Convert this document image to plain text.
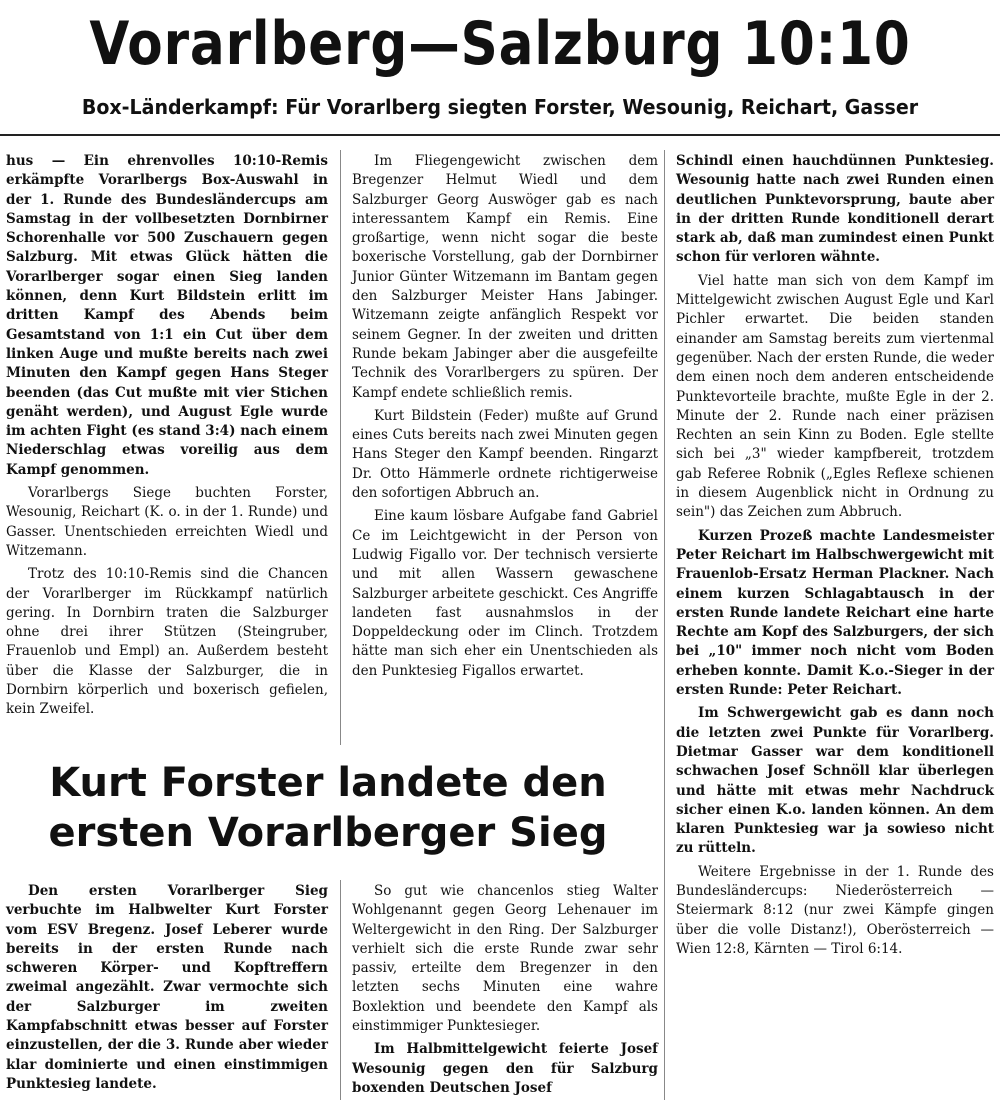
Vorarlberg—Salzburg 10:10
Box-Länderkampf: Für Vorarlberg siegten Forster, Wesounig, Reichart, Gasser

hus — Ein ehrenvolles 10:10-Remis erkämpfte Vorarlbergs Box-Auswahl in der 1. Runde des Bundesländercups am Samstag in der vollbesetzten Dornbirner Schorenhalle vor 500 Zuschauern gegen Salzburg. Mit etwas Glück hätten die Vorarlberger sogar einen Sieg landen können, denn Kurt Bildstein erlitt im dritten Kampf des Abends beim Gesamtstand von 1:1 ein Cut über dem linken Auge und mußte bereits nach zwei Minuten den Kampf gegen Hans Steger beenden (das Cut mußte mit vier Stichen genäht werden), und August Egle wurde im achten Fight (es stand 3:4) nach einem Niederschlag etwas voreilig aus dem Kampf genommen.

Vorarlbergs Siege buchten Forster, Wesounig, Reichart (K. o. in der 1. Runde) und Gasser. Unentschieden erreichten Wiedl und Witzemann.

Trotz des 10:10-Remis sind die Chancen der Vorarlberger im Rückkampf natürlich gering. In Dornbirn traten die Salzburger ohne drei ihrer Stützen (Steingruber, Frauenlob und Empl) an. Außerdem besteht über die Klasse der Salzburger, die in Dornbirn körperlich und boxerisch gefielen, kein Zweifel.

Im Fliegengewicht zwischen dem Bregenzer Helmut Wiedl und dem Salzburger Georg Auswöger gab es nach interessantem Kampf ein Remis. Eine großartige, wenn nicht sogar die beste boxerische Vorstellung, gab der Dornbirner Junior Günter Witzemann im Bantam gegen den Salzburger Meister Hans Jabinger. Witzemann zeigte anfänglich Respekt vor seinem Gegner. In der zweiten und dritten Runde bekam Jabinger aber die ausgefeilte Technik des Vorarlbergers zu spüren. Der Kampf endete schließlich remis.

Kurt Bildstein (Feder) mußte auf Grund eines Cuts bereits nach zwei Minuten gegen Hans Steger den Kampf beenden. Ringarzt Dr. Otto Hämmerle ordnete richtigerweise den sofortigen Abbruch an.

Eine kaum lösbare Aufgabe fand Gabriel Ce im Leichtgewicht in der Person von Ludwig Figallo vor. Der technisch versierte und mit allen Wassern gewaschene Salzburger arbeitete geschickt. Ces Angriffe landeten fast ausnahmslos in der Doppeldeckung oder im Clinch. Trotzdem hätte man sich eher ein Unentschieden als den Punktesieg Figallos erwartet.

Schindl einen hauchdünnen Punktesieg. Wesounig hatte nach zwei Runden einen deutlichen Punktevorsprung, baute aber in der dritten Runde konditionell derart stark ab, daß man zumindest einen Punkt schon für verloren wähnte.

Viel hatte man sich von dem Kampf im Mittelgewicht zwischen August Egle und Karl Pichler erwartet. Die beiden standen einander am Samstag bereits zum viertenmal gegenüber. Nach der ersten Runde, die weder dem einen noch dem anderen entscheidende Punktevorteile brachte, mußte Egle in der 2. Minute der 2. Runde nach einer präzisen Rechten an sein Kinn zu Boden. Egle stellte sich bei „3" wieder kampfbereit, trotzdem gab Referee Robnik („Egles Reflexe schienen in diesem Augenblick nicht in Ordnung zu sein") das Zeichen zum Abbruch.

Kurzen Prozeß machte Landesmeister Peter Reichart im Halbschwergewicht mit Frauenlob-Ersatz Herman Plackner. Nach einem kurzen Schlagabtausch in der ersten Runde landete Reichart eine harte Rechte am Kopf des Salzburgers, der sich bei „10" immer noch nicht vom Boden erheben konnte. Damit K.o.-Sieger in der ersten Runde: Peter Reichart.

Im Schwergewicht gab es dann noch die letzten zwei Punkte für Vorarlberg. Dietmar Gasser war dem konditionell schwachen Josef Schnöll klar überlegen und hätte mit etwas mehr Nachdruck sicher einen K.o. landen können. An dem klaren Punktesieg war ja sowieso nicht zu rütteln.

Weitere Ergebnisse in der 1. Runde des Bundesländercups: Niederösterreich — Steiermark 8:12 (nur zwei Kämpfe gingen über die volle Distanz!), Oberösterreich — Wien 12:8, Kärnten — Tirol 6:14.

Kurt Forster landete den ersten Vorarlberger Sieg

Den ersten Vorarlberger Sieg verbuchte im Halbwelter Kurt Forster vom ESV Bregenz. Josef Leberer wurde bereits in der ersten Runde nach schweren Körper- und Kopftreffern zweimal angezählt. Zwar vermochte sich der Salzburger im zweiten Kampfabschnitt etwas besser auf Forster einzustellen, der die 3. Runde aber wieder klar dominierte und einen einstimmigen Punktesieg landete.

So gut wie chancenlos stieg Walter Wohlgenannt gegen Georg Lehenauer im Weltergewicht in den Ring. Der Salzburger verhielt sich die erste Runde zwar sehr passiv, erteilte dem Bregenzer in den letzten sechs Minuten eine wahre Boxlektion und beendete den Kampf als einstimmiger Punktesieger.

Im Halbmittelgewicht feierte Josef Wesounig gegen den für Salzburg boxenden Deutschen Josef
